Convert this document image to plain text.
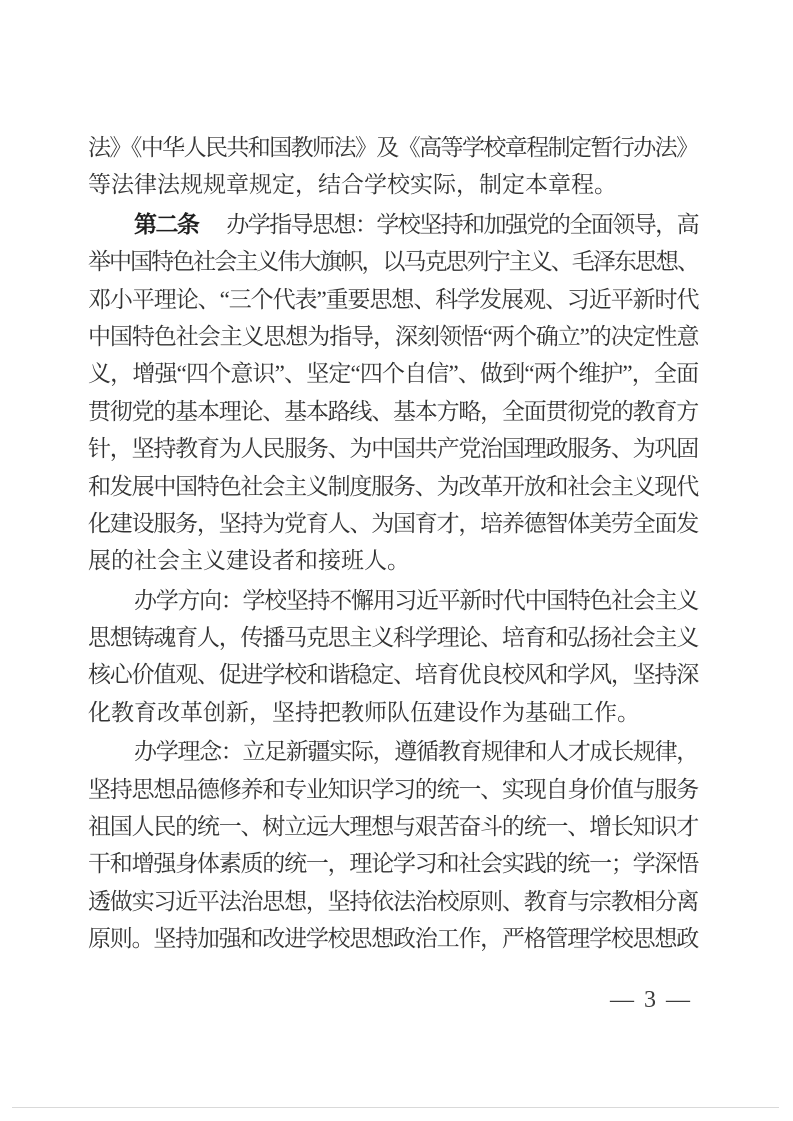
法》《中华人民共和国教师法》及《高等学校章程制定暂行办法》
等法律法规规章规定，结合学校实际，制定本章程。
第二条 办学指导思想：学校坚持和加强党的全面领导，高
举中国特色社会主义伟大旗帜，以马克思列宁主义、毛泽东思想、
邓小平理论、“三个代表”重要思想、科学发展观、习近平新时代
中国特色社会主义思想为指导，深刻领悟“两个确立”的决定性意
义，增强“四个意识”、坚定“四个自信”、做到“两个维护”，全面
贯彻党的基本理论、基本路线、基本方略，全面贯彻党的教育方
针，坚持教育为人民服务、为中国共产党治国理政服务、为巩固
和发展中国特色社会主义制度服务、为改革开放和社会主义现代
化建设服务，坚持为党育人、为国育才，培养德智体美劳全面发
展的社会主义建设者和接班人。
办学方向：学校坚持不懈用习近平新时代中国特色社会主义
思想铸魂育人，传播马克思主义科学理论、培育和弘扬社会主义
核心价值观、促进学校和谐稳定、培育优良校风和学风，坚持深
化教育改革创新，坚持把教师队伍建设作为基础工作。
办学理念：立足新疆实际，遵循教育规律和人才成长规律，
坚持思想品德修养和专业知识学习的统一、实现自身价值与服务
祖国人民的统一、树立远大理想与艰苦奋斗的统一、增长知识才
干和增强身体素质的统一，理论学习和社会实践的统一；学深悟
透做实习近平法治思想，坚持依法治校原则、教育与宗教相分离
原则。坚持加强和改进学校思想政治工作，严格管理学校思想政
— 3 —
